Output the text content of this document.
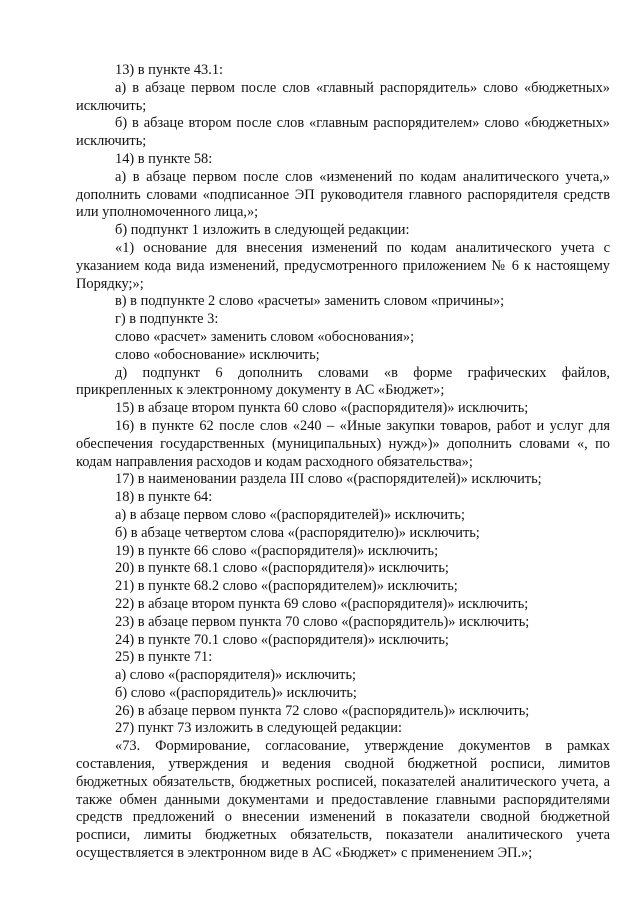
13) в пункте 43.1:

а) в абзаце первом после слов «главный распорядитель» слово «бюджетных» исключить;

б) в абзаце втором после слов «главным распорядителем» слово «бюджетных» исключить;

14) в пункте 58:

а) в абзаце первом после слов «изменений по кодам аналитического учета,» дополнить словами «подписанное ЭП руководителя главного распорядителя средств или уполномоченного лица,»;

б) подпункт 1 изложить в следующей редакции:

«1) основание для внесения изменений по кодам аналитического учета с указанием кода вида изменений, предусмотренного приложением № 6 к настоящему Порядку;»;

в) в подпункте 2 слово «расчеты» заменить словом «причины»;

г) в подпункте 3:

слово «расчет» заменить словом «обоснования»;

слово «обоснование» исключить;

д) подпункт 6 дополнить словами «в форме графических файлов, прикрепленных к электронному документу в АС «Бюджет»;

15) в абзаце втором пункта 60 слово «(распорядителя)» исключить;

16) в пункте 62 после слов «240 – «Иные закупки товаров, работ и услуг для обеспечения государственных (муниципальных) нужд»)» дополнить словами «, по кодам направления расходов и кодам расходного обязательства»;

17) в наименовании раздела III слово «(распорядителей)» исключить;

18) в пункте 64:

а) в абзаце первом слово «(распорядителей)» исключить;

б) в абзаце четвертом слова «(распорядителю)» исключить;

19) в пункте 66 слово «(распорядителя)» исключить;

20) в пункте 68.1 слово «(распорядителя)» исключить;

21) в пункте 68.2 слово «(распорядителем)» исключить;

22) в абзаце втором пункта 69 слово «(распорядителя)» исключить;

23) в абзаце первом пункта 70 слово «(распорядитель)» исключить;

24) в пункте 70.1 слово «(распорядителя)» исключить;

25) в пункте 71:

а) слово «(распорядителя)» исключить;

б) слово «(распорядитель)» исключить;

26) в абзаце первом пункта 72 слово «(распорядитель)» исключить;

27) пункт 73 изложить в следующей редакции:

«73. Формирование, согласование, утверждение документов в рамках составления, утверждения и ведения сводной бюджетной росписи, лимитов бюджетных обязательств, бюджетных росписей, показателей аналитического учета, а также обмен данными документами и предоставление главными распорядителями средств предложений о внесении изменений в показатели сводной бюджетной росписи, лимиты бюджетных обязательств, показатели аналитического учета осуществляется в электронном виде в АС «Бюджет» с применением ЭП.»;
